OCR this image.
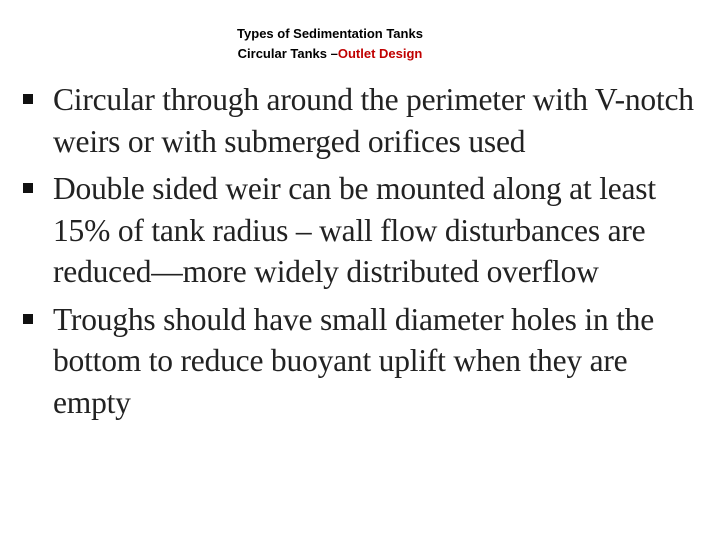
Types of Sedimentation Tanks
Circular Tanks –Outlet Design
Circular through around the perimeter with V-notch weirs or with submerged orifices used
Double sided weir can be mounted along at least 15% of tank radius – wall flow disturbances are reduced—more widely distributed overflow
Troughs should have small diameter holes in the bottom to reduce buoyant uplift when they are empty
